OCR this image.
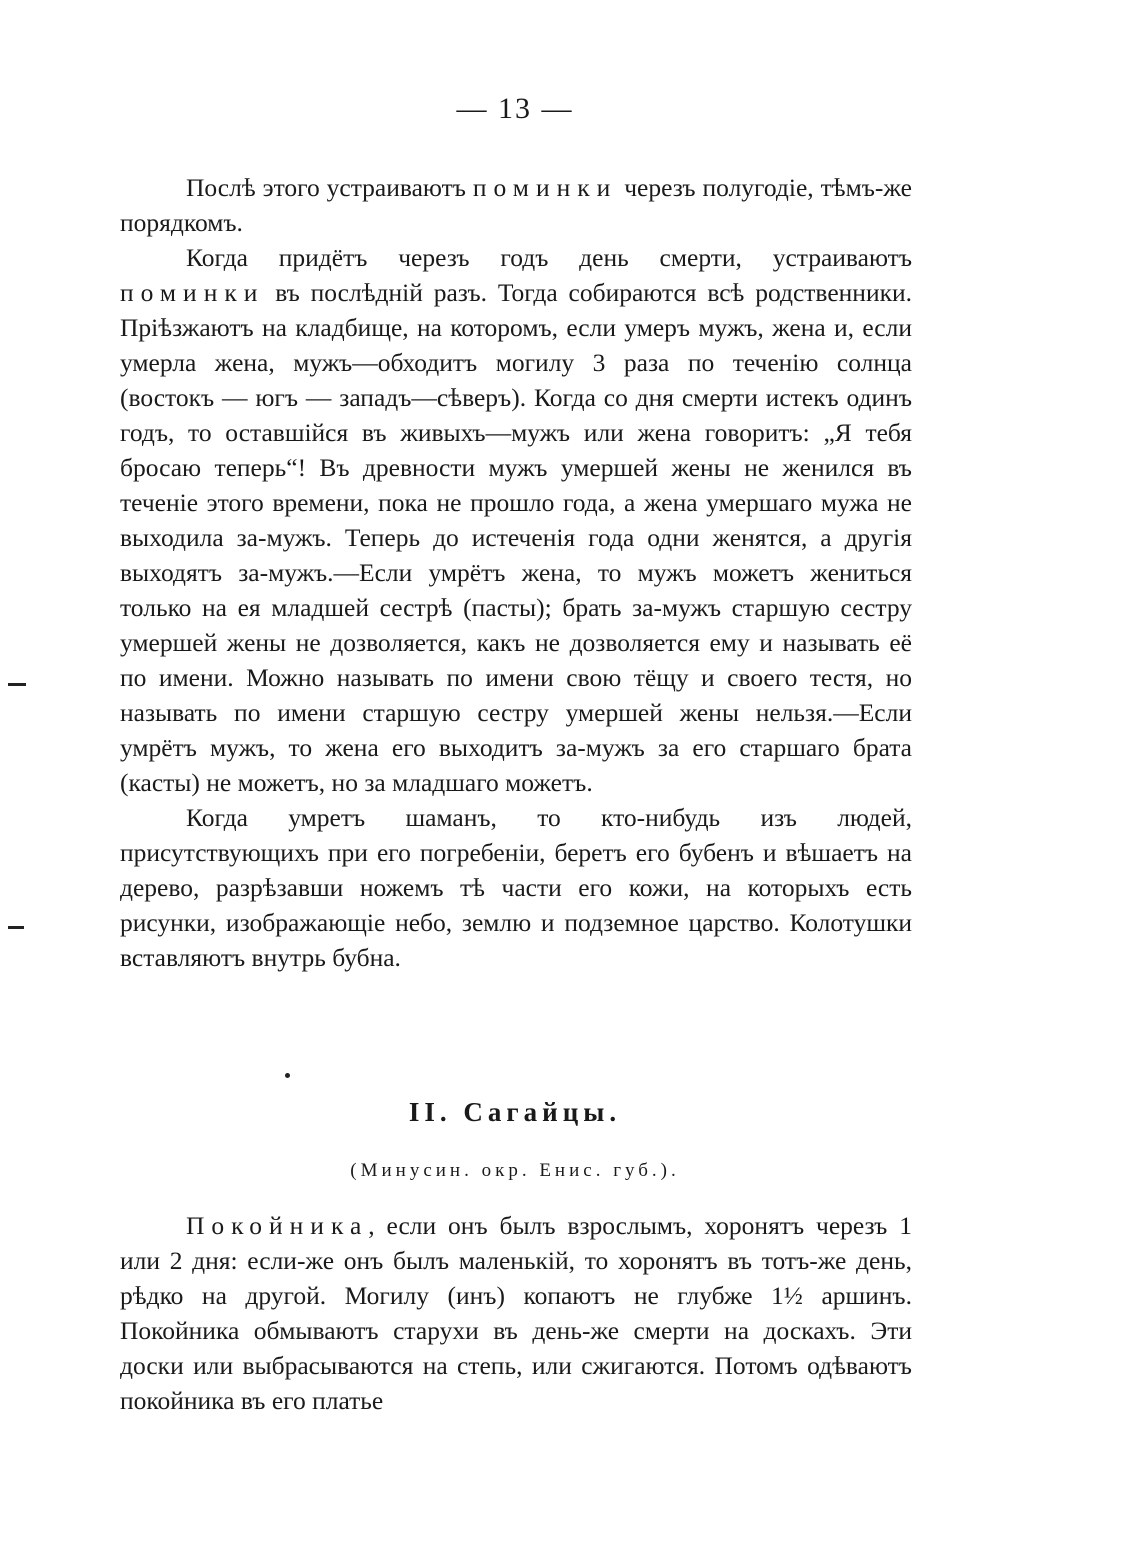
— 13 —

Послѣ этого устраиваютъ поминки черезъ полугодіе, тѣмъ-же порядкомъ.

Когда придётъ черезъ годъ день смерти, устраиваютъ поминки въ послѣдній разъ. Тогда собираются всѣ родственники. Пріѣзжаютъ на кладбище, на которомъ, если умеръ мужъ, жена и, если умерла жена, мужъ—обходитъ могилу 3 раза по теченію солнца (востокъ — югъ — западъ—сѣверъ). Когда со дня смерти истекъ одинъ годъ, то оставшійся въ живыхъ—мужъ или жена говоритъ: „Я тебя бросаю теперь“! Въ древности мужъ умершей жены не женился въ теченіе этого времени, пока не прошло года, а жена умершаго мужа не выходила за-мужъ. Теперь до истеченія года одни женятся, а другія выходятъ за-мужъ.—Если умрётъ жена, то мужъ можетъ жениться только на ея младшей сестрѣ (пасты); брать за-мужъ старшую сестру умершей жены не дозволяется, какъ не дозволяется ему и называть её по имени. Можно называть по имени свою тёщу и своего тестя, но называть по имени старшую сестру умершей жены нельзя.—Если умрётъ мужъ, то жена его выходитъ за-мужъ за его старшаго брата (касты) не можетъ, но за младшаго можетъ.

Когда умретъ шаманъ, то кто-нибудь изъ людей, присутствующихъ при его погребеніи, беретъ его бубенъ и вѣшаетъ на дерево, разрѣзавши ножемъ тѣ части его кожи, на которыхъ есть рисунки, изображающіе небо, землю и подземное царство. Колотушки вставляютъ внутрь бубна.

II. Сагайцы.
(Минусин. окр. Енис. губ.).

Покойника, если онъ былъ взрослымъ, хоронятъ черезъ 1 или 2 дня: если-же онъ былъ маленькій, то хоронятъ въ тотъ-же день, рѣдко на другой. Могилу (инъ) копаютъ не глубже 1½ аршинъ. Покойника обмываютъ старухи въ день-же смерти на доскахъ. Эти доски или выбрасываются на степь, или сжигаются. Потомъ одѣваютъ покойника въ его платье
